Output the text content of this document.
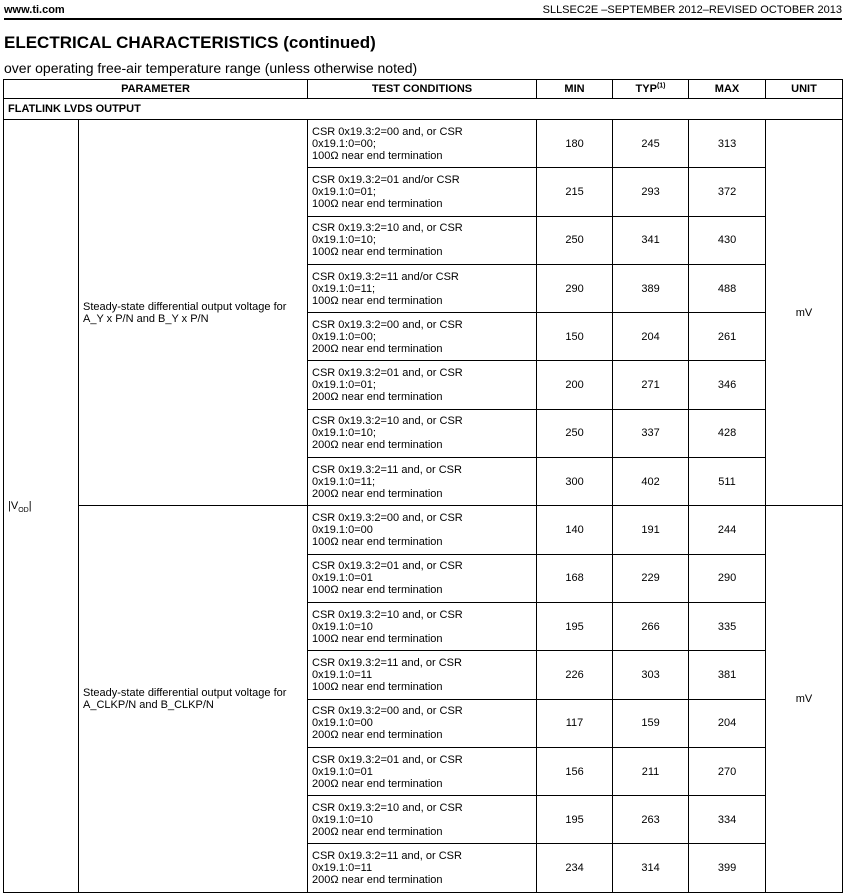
www.ti.com	SLLSEC2E –SEPTEMBER 2012–REVISED OCTOBER 2013
ELECTRICAL CHARACTERISTICS (continued)
over operating free-air temperature range (unless otherwise noted)
PARAMETER		TEST CONDITIONS	MIN	TYP$^{(1)}$	MAX	UNIT
FLATLINK LVDS OUTPUT						
$|V_{OD}|$	Steady-state differential output voltage for A_Y x P/N and B_Y x P/N	CSR 0x19.3:2=00 and, or CSR
0x19.1:0=00;
100Ω near end termination	180	245	313	mV

		CSR 0x19.3:2=01 and/or CSR
0x19.1:0=01;
100Ω near end termination	215	293	372	

		CSR 0x19.3:2=10 and, or CSR
0x19.1:0=10;
100Ω near end termination	250	341	430	

		CSR 0x19.3:2=11 and/or CSR
0x19.1:0=11;
100Ω near end termination	290	389	488	

		CSR 0x19.3:2=00 and, or CSR
0x19.1:0=00;
200Ω near end termination	150	204	261	

		CSR 0x19.3:2=01 and, or CSR
0x19.1:0=01;
200Ω near end termination	200	271	346	

		CSR 0x19.3:2=10 and, or CSR
0x19.1:0=10;
200Ω near end termination	250	337	428	

		CSR 0x19.3:2=11 and, or CSR
0x19.1:0=11;
200Ω near end termination	300	402	511	
	Steady-state differential output voltage for A_CLKP/N and B_CLKP/N	CSR 0x19.3:2=00 and, or CSR
0x19.1:0=00
100Ω near end termination	140	191	244	mV

		CSR 0x19.3:2=01 and, or CSR
0x19.1:0=01
100Ω near end termination	168	229	290	

		CSR 0x19.3:2=10 and, or CSR
0x19.1:0=10
100Ω near end termination	195	266	335	

		CSR 0x19.3:2=11 and, or CSR
0x19.1:0=11
100Ω near end termination	226	303	381	

		CSR 0x19.3:2=00 and, or CSR
0x19.1:0=00
200Ω near end termination	117	159	204	

		CSR 0x19.3:2=01 and, or CSR
0x19.1:0=01
200Ω near end termination	156	211	270	

		CSR 0x19.3:2=10 and, or CSR
0x19.1:0=10
200Ω near end termination	195	263	334	

		CSR 0x19.3:2=11 and, or CSR
0x19.1:0=11
200Ω near end termination	234	314	399	
